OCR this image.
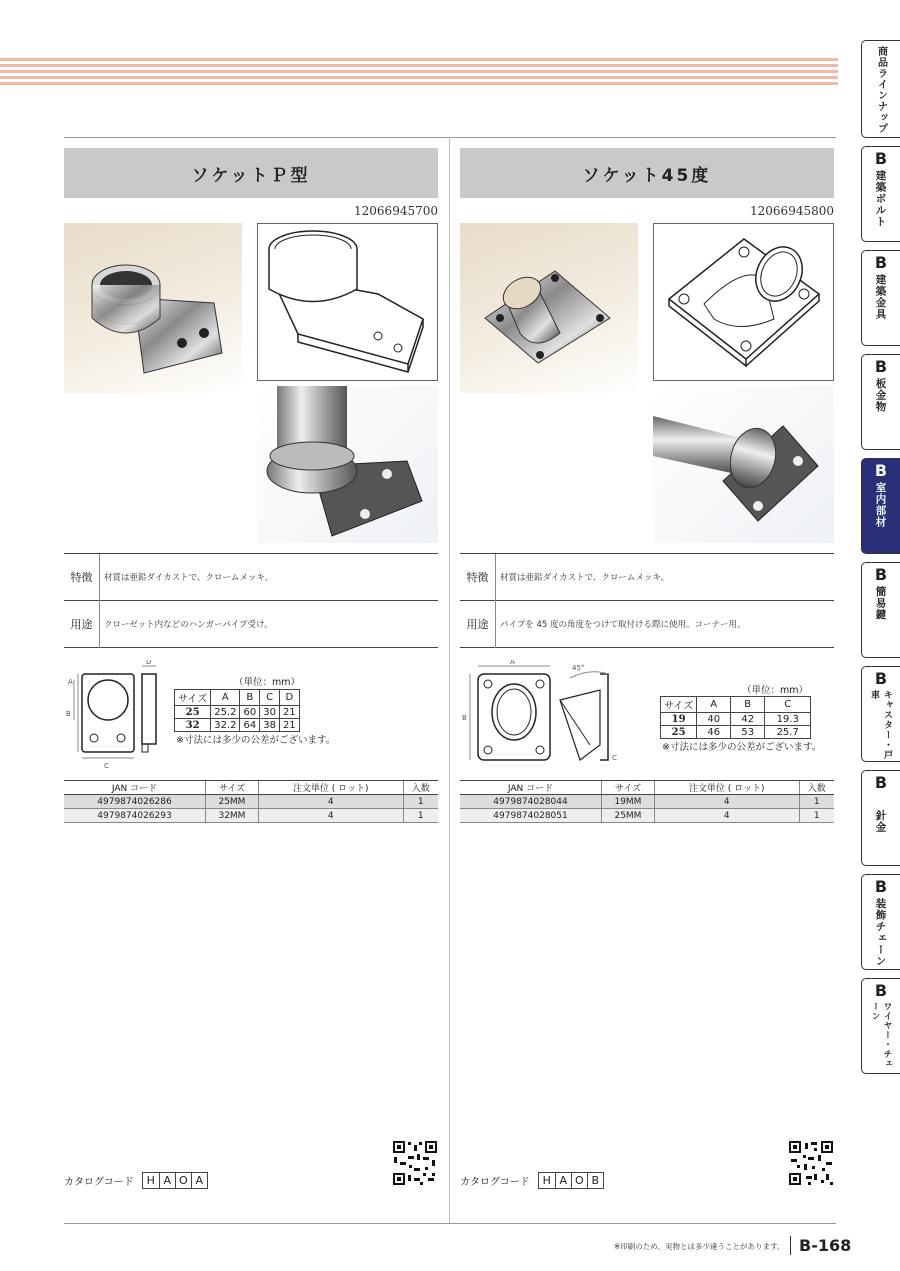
ソケットＰ型
12066945700
特徴	材質は亜鉛ダイカストで、クロームメッキ。
用途	クローゼット内などのハンガーパイプ受け。
A
B
C
D
（単位：mm）
サイズ	A	B	C	D
25	25.2	60	30	21
32	32.2	64	38	21
※寸法には多少の公差がございます。
JAN コード	サイズ	注文単位 ( ロット)	入数
4979874026286	25MM	4	1
4979874026293	32MM	4	1
ソケット45度
12066945800
特徴	材質は亜鉛ダイカストで、クロームメッキ。
用途	パイプを 45 度の角度をつけて取付ける際に使用。コーナー用。
A
B
C
45°
（単位：mm）
サイズ	A	B	C
19	40	42	19.3
25	46	53	25.7
※寸法には多少の公差がございます。
JAN コード	サイズ	注文単位 ( ロット)	入数
4979874028044	19MM	4	1
4979874028051	25MM	4	1
カタログコード	H A O A	カタログコード	H A O B
商品ラインナップ
B
建築ボルト
B
建築金具
B
板金物
B
室内部材
B
簡易鍵
B
キャスター・戸車
B
針金
B
装飾チェーン
B
ワイヤー・チェーン
※印刷のため、実物とは多少違うことがあります。 B-168
